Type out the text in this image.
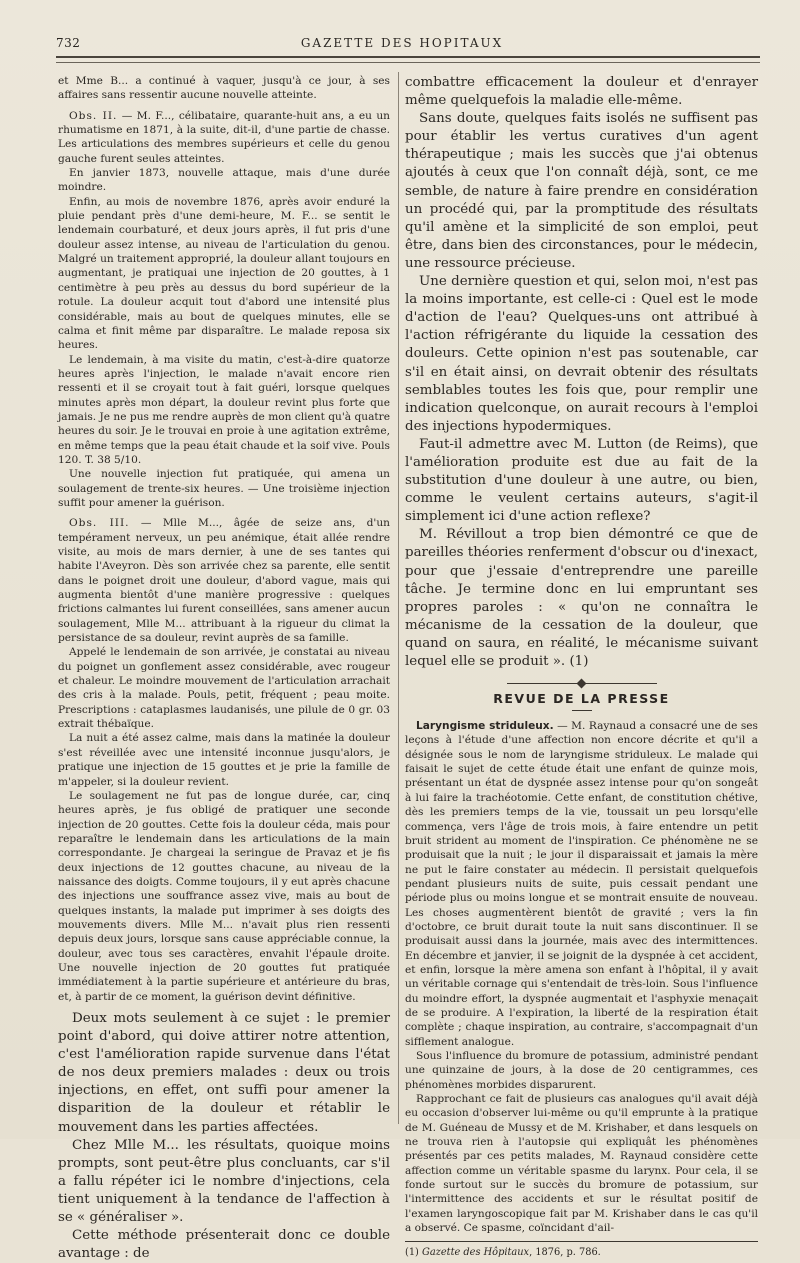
732	GAZETTE DES HOPITAUX

et Mme B... a continué à vaquer, jusqu'à ce jour, à ses affaires sans ressentir aucune nouvelle atteinte.

Obs. II. — M. F..., célibataire, quarante-huit ans, a eu un rhumatisme en 1871, à la suite, dit-il, d'une partie de chasse. Les articulations des membres supérieurs et celle du genou gauche furent seules atteintes.

En janvier 1873, nouvelle attaque, mais d'une durée moindre.

Enfin, au mois de novembre 1876, après avoir enduré la pluie pendant près d'une demi-heure, M. F... se sentit le lendemain courbaturé, et deux jours après, il fut pris d'une douleur assez intense, au niveau de l'articulation du genou. Malgré un traitement approprié, la douleur allant toujours en augmentant, je pratiquai une injection de 20 gouttes, à 1 centimètre à peu près au dessus du bord supérieur de la rotule. La douleur acquit tout d'abord une intensité plus considérable, mais au bout de quelques minutes, elle se calma et finit même par disparaître. Le malade reposa six heures.

Le lendemain, à ma visite du matin, c'est-à-dire quatorze heures après l'injection, le malade n'avait encore rien ressenti et il se croyait tout à fait guéri, lorsque quelques minutes après mon départ, la douleur revint plus forte que jamais. Je ne pus me rendre auprès de mon client qu'à quatre heures du soir. Je le trouvai en proie à une agitation extrême, en même temps que la peau était chaude et la soif vive. Pouls 120. T. 38 5/10.

Une nouvelle injection fut pratiquée, qui amena un soulagement de trente-six heures. — Une troisième injection suffit pour amener la guérison.

Obs. III. — Mlle M..., âgée de seize ans, d'un tempérament nerveux, un peu anémique, était allée rendre visite, au mois de mars dernier, à une de ses tantes qui habite l'Aveyron. Dès son arrivée chez sa parente, elle sentit dans le poignet droit une douleur, d'abord vague, mais qui augmenta bientôt d'une manière progressive : quelques frictions calmantes lui furent conseillées, sans amener aucun soulagement, Mlle M... attribuant à la rigueur du climat la persistance de sa douleur, revint auprès de sa famille.

Appelé le lendemain de son arrivée, je constatai au niveau du poignet un gonflement assez considérable, avec rougeur et chaleur. Le moindre mouvement de l'articulation arrachait des cris à la malade. Pouls, petit, fréquent ; peau moite. Prescriptions : cataplasmes laudanisés, une pilule de 0 gr. 03 extrait thébaïque.

La nuit a été assez calme, mais dans la matinée la douleur s'est réveillée avec une intensité inconnue jusqu'alors, je pratique une injection de 15 gouttes et je prie la famille de m'appeler, si la douleur revient.

Le soulagement ne fut pas de longue durée, car, cinq heures après, je fus obligé de pratiquer une seconde injection de 20 gouttes. Cette fois la douleur céda, mais pour reparaître le lendemain dans les articulations de la main correspondante. Je chargeai la seringue de Pravaz et je fis deux injections de 12 gouttes chacune, au niveau de la naissance des doigts. Comme toujours, il y eut après chacune des injections une souffrance assez vive, mais au bout de quelques instants, la malade put imprimer à ses doigts des mouvements divers. Mlle M... n'avait plus rien ressenti depuis deux jours, lorsque sans cause appréciable connue, la douleur, avec tous ses caractères, envahit l'épaule droite. Une nouvelle injection de 20 gouttes fut pratiquée immédiatement à la partie supérieure et antérieure du bras, et, à partir de ce moment, la guérison devint définitive.

Deux mots seulement à ce sujet : le premier point d'abord, qui doive attirer notre attention, c'est l'amélioration rapide survenue dans l'état de nos deux premiers malades : deux ou trois injections, en effet, ont suffi pour amener la disparition de la douleur et rétablir le mouvement dans les parties affectées.

Chez Mlle M... les résultats, quoique moins prompts, sont peut-être plus concluants, car s'il a fallu répéter ici le nombre d'injections, cela tient uniquement à la tendance de l'affection à se « généraliser ».

Cette méthode présenterait donc ce double avantage : de

combattre efficacement la douleur et d'enrayer même quelquefois la maladie elle-même.

Sans doute, quelques faits isolés ne suffisent pas pour établir les vertus curatives d'un agent thérapeutique ; mais les succès que j'ai obtenus ajoutés à ceux que l'on connaît déjà, sont, ce me semble, de nature à faire prendre en considération un procédé qui, par la promptitude des résultats qu'il amène et la simplicité de son emploi, peut être, dans bien des circonstances, pour le médecin, une ressource précieuse.

Une dernière question et qui, selon moi, n'est pas la moins importante, est celle-ci : Quel est le mode d'action de l'eau? Quelques-uns ont attribué à l'action réfrigérante du liquide la cessation des douleurs. Cette opinion n'est pas soutenable, car s'il en était ainsi, on devrait obtenir des résultats semblables toutes les fois que, pour remplir une indication quelconque, on aurait recours à l'emploi des injections hypodermiques.

Faut-il admettre avec M. Lutton (de Reims), que l'amélioration produite est due au fait de la substitution d'une douleur à une autre, ou bien, comme le veulent certains auteurs, s'agit-il simplement ici d'une action reflexe?

M. Révillout a trop bien démontré ce que de pareilles théories renferment d'obscur ou d'inexact, pour que j'essaie d'entreprendre une pareille tâche. Je termine donc en lui empruntant ses propres paroles : « qu'on ne connaîtra le mécanisme de la cessation de la douleur, que quand on saura, en réalité, le mécanisme suivant lequel elle se produit ». (1)

REVUE DE LA PRESSE

Laryngisme striduleux. — M. Raynaud a consacré une de ses leçons à l'étude d'une affection non encore décrite et qu'il a désignée sous le nom de laryngisme striduleux. Le malade qui faisait le sujet de cette étude était une enfant de quinze mois, présentant un état de dyspnée assez intense pour qu'on songeât à lui faire la trachéotomie. Cette enfant, de constitution chétive, dès les premiers temps de la vie, toussait un peu lorsqu'elle commença, vers l'âge de trois mois, à faire entendre un petit bruit strident au moment de l'inspiration. Ce phénomène ne se produisait que la nuit ; le jour il disparaissait et jamais la mère ne put le faire constater au médecin. Il persistait quelquefois pendant plusieurs nuits de suite, puis cessait pendant une période plus ou moins longue et se montrait ensuite de nouveau. Les choses augmentèrent bientôt de gravité ; vers la fin d'octobre, ce bruit durait toute la nuit sans discontinuer. Il se produisait aussi dans la journée, mais avec des intermittences. En décembre et janvier, il se joignit de la dyspnée à cet accident, et enfin, lorsque la mère amena son enfant à l'hôpital, il y avait un véritable cornage qui s'entendait de très-loin. Sous l'influence du moindre effort, la dyspnée augmentait et l'asphyxie menaçait de se produire. A l'expiration, la liberté de la respiration était complète ; chaque inspiration, au contraire, s'accompagnait d'un sifflement analogue.

Sous l'influence du bromure de potassium, administré pendant une quinzaine de jours, à la dose de 20 centigrammes, ces phénomènes morbides disparurent.

Rapprochant ce fait de plusieurs cas analogues qu'il avait déjà eu occasion d'observer lui-même ou qu'il emprunte à la pratique de M. Guéneau de Mussy et de M. Krishaber, et dans lesquels on ne trouva rien à l'autopsie qui expliquât les phénomènes présentés par ces petits malades, M. Raynaud considère cette affection comme un véritable spasme du larynx. Pour cela, il se fonde surtout sur le succès du bromure de potassium, sur l'intermittence des accidents et sur le résultat positif de l'examen laryngoscopique fait par M. Krishaber dans le cas qu'il a observé. Ce spasme, coïncidant d'ail-

(1) Gazette des Hôpitaux, 1876, p. 786.
